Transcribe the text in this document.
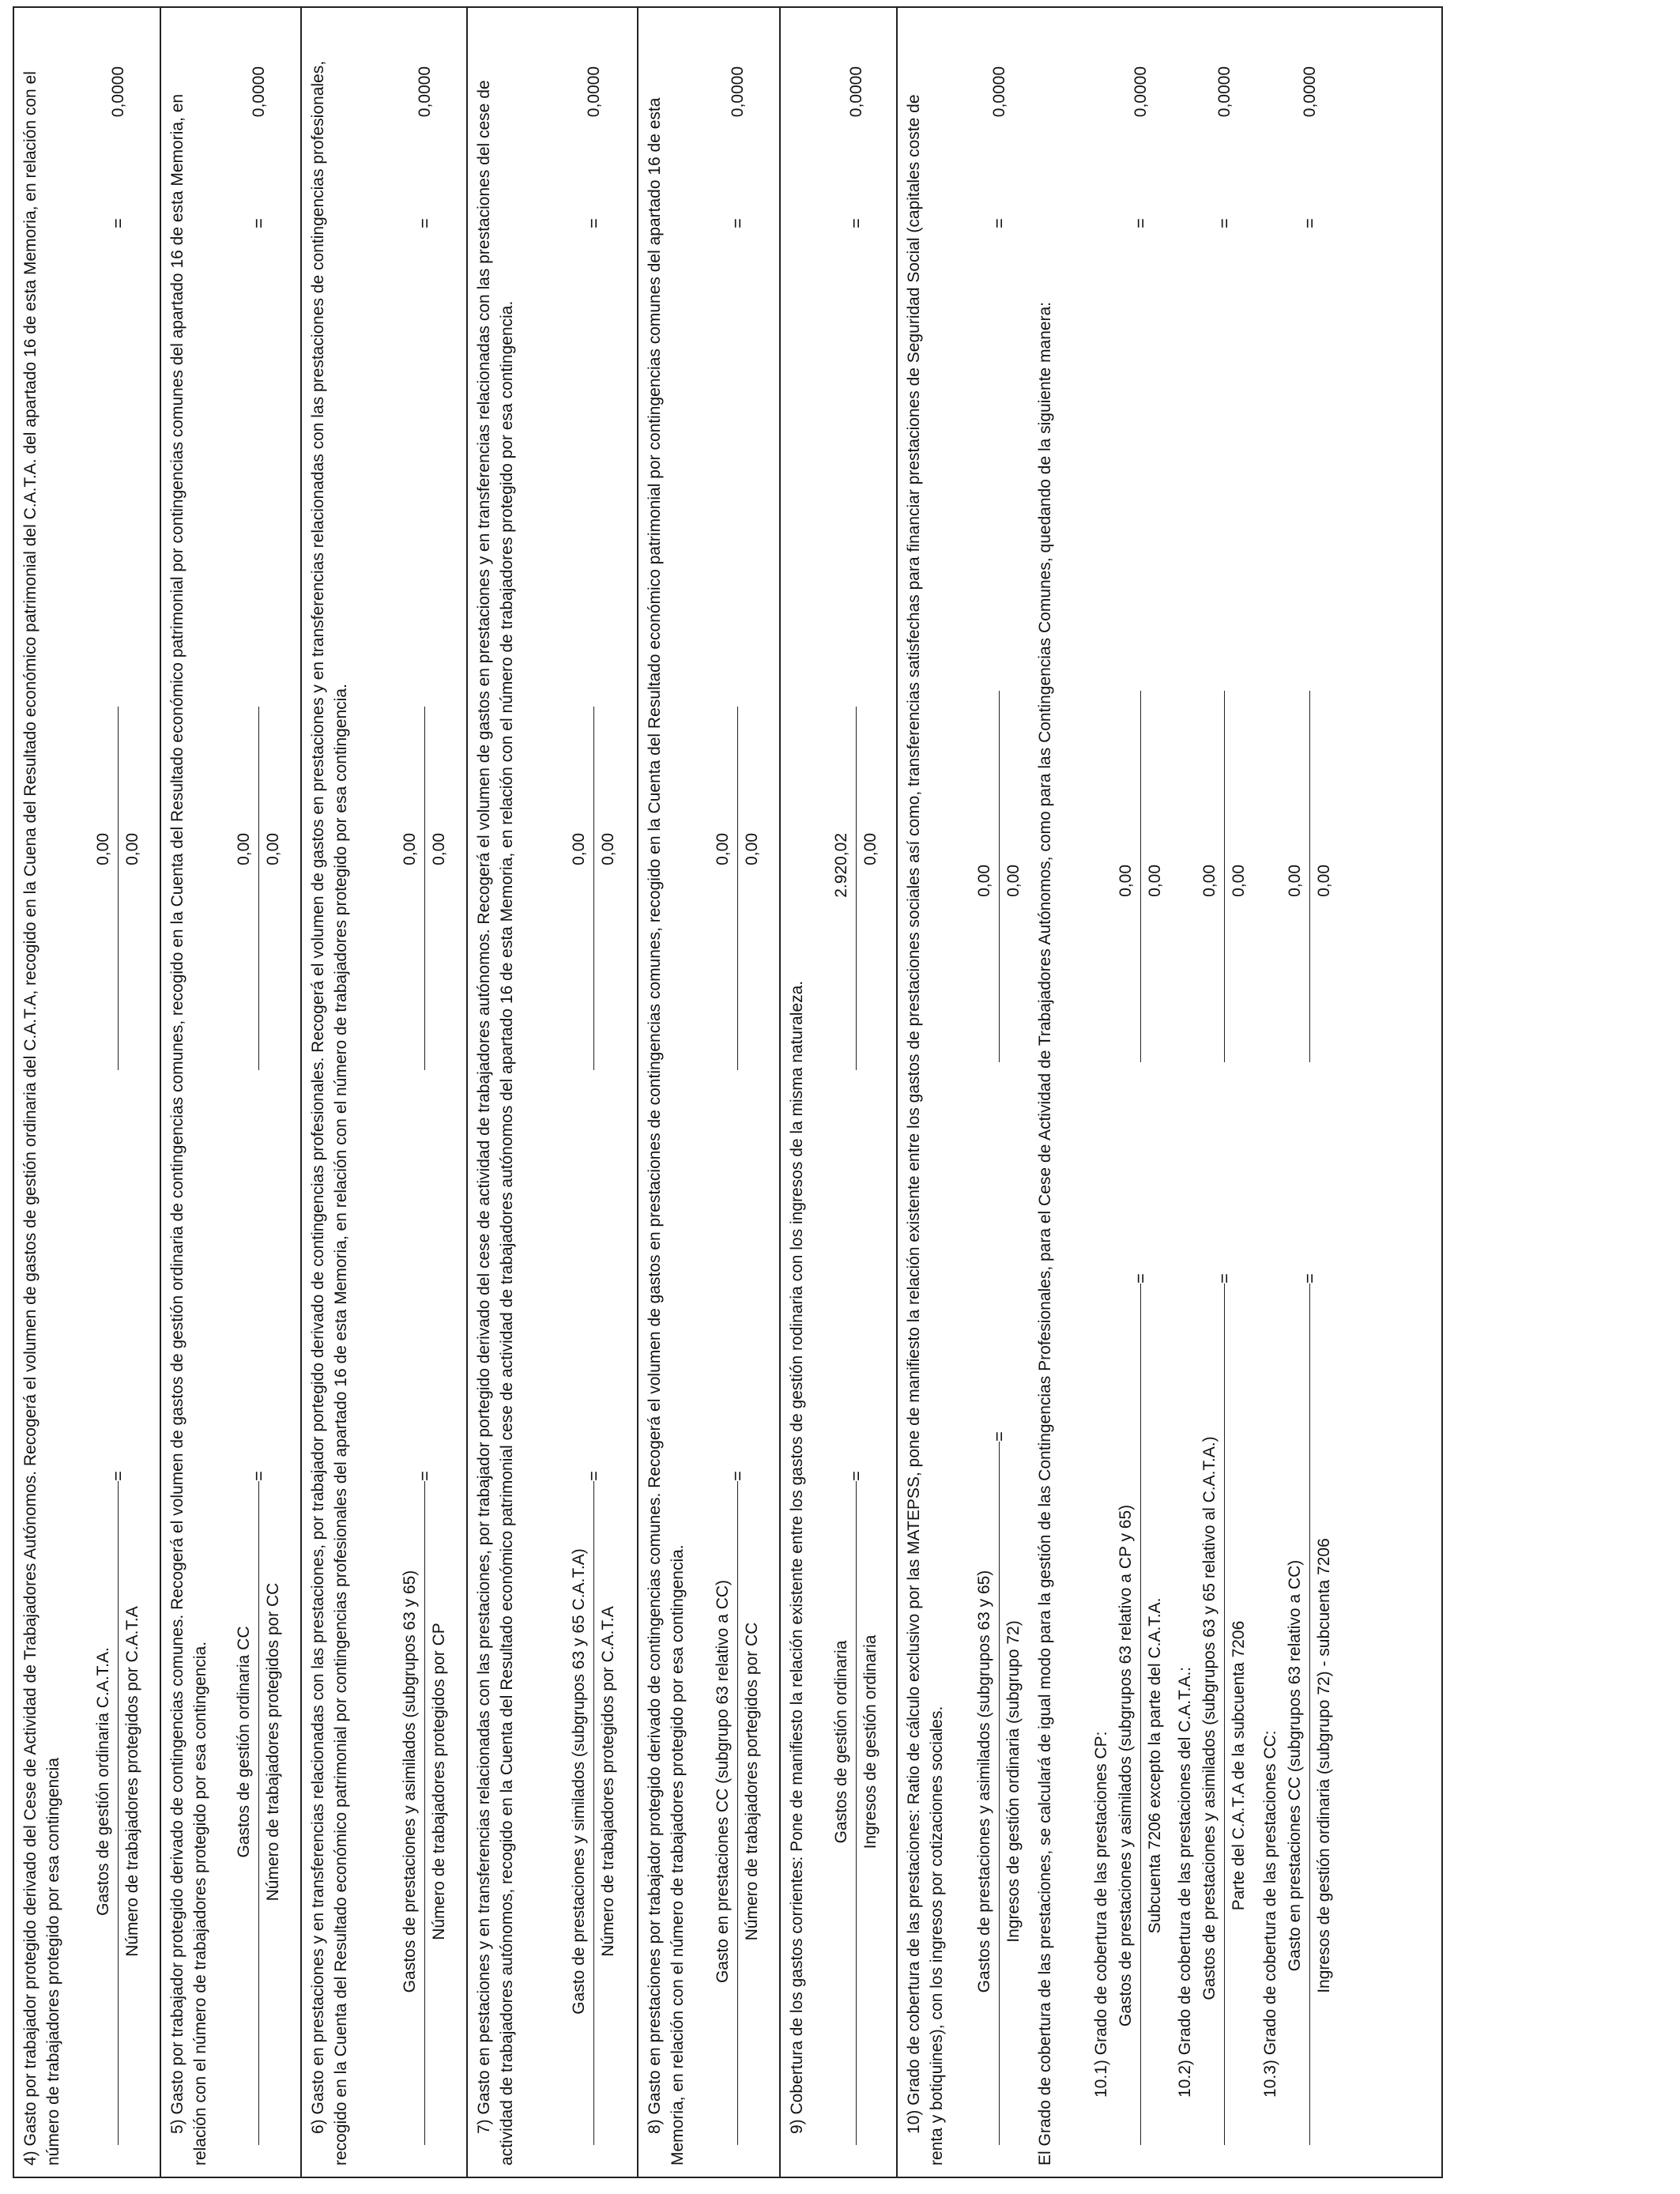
4) Gasto por trabajador protegido derivado del Cese de Actividad de Trabajadores Autónomos. Recogerá el volumen de gastos de gestión ordinaria del C.A.T.A, recogido en la Cuena del Resultado económico patrimonial del C.A.T.A. del apartado 16 de esta Memoria, en relación con el número de trabajadores protegido por esa contingencia Gastos de gestión ordinaria C.A.T.A.
=
Número de trabajadores protegidos por C.A.T.A
0,00 0,00
=
0,0000
5) Gasto por trabajador protegido derivado de contingencias comunes. Recogerá el volumen de gastos de gestión ordinaria de contingencias comunes, recogido en la Cuenta del Resultado económico patrimonial por contingencias comunes del apartado 16 de esta Memoria, en relación con el número de trabajadores protegido por esa contingencia. Gastos de gestión ordinaria CC
=
Número de trabajadores protegidos por CC
0,00 0,00
=
0,0000 6) Gasto en prestaciones y en transferencias relacionadas con las prestaciones, por trabajador portegido derivado de contingencias profesionales. Recogerá el volumen de gastos en prestaciones y en transferencias relacionadas con las prestaciones de contingencias profesionales, recogido en la Cuenta del Resultado económico patrimonial por contingencias profesionales del apartado 16 de esta Memoria, en relación con el número de trabajadores protegido por esa contingencia.	Gastos de prestaciones y asimilados (subgrupos 63 y 65)
=
Número de trabajadores protegidos por CP
0,00 0,00
=
0,0000 7) Gasto en pestaciones y en transferencias relacionadas con las prestaciones, por trabajador portegido derivado del cese de actividad de trabajadores autónomos. Recogerá el volumen de gastos en prestaciones y en transferencias relacionadas con las prestaciones del cese de actividad de trabajadores autónomos, recogido en la Cuenta del Resultado económico patrimonial cese de actividad de trabajadores autónomos del apartado 16 de esta Memoria, en relación con el número de trabajadores protegido por esa contingencia.	Gasto de prestaciones y similados (subgrupos 63 y 65 C.A.T.A)
=
Número de trabajadores protegidos por C.A.T.A
0,00 0,00
=
0,0000
8) Gasto en prestaciones por trabajador protegido derivado de contingencias comunes. Recogerá el volumen de gastos en prestaciones de contingencias comunes, recogido en la Cuenta del Resultado económico patrimonial por contingencias comunes del apartado 16 de esta Memoria, en relación con el número de trabajadores protegido por esa contingencia. Gasto en prestaciones CC (subgrupo 63 relativo a CC)
=
Número de trabajadores portegidos por CC
0,00 0,00
=
0,0000
9) Cobertura de los gastos corrientes: Pone de manifiesto la relación existente entre los gastos de gestión rodinaria con los ingresos de la misma naturaleza. Gastos de gestión ordinaria
=
Ingresos de gestión ordinaria
2.920,02 0,00
=
0,0000
10) Grado de cobertura de las prestaciones: Ratio de cálculo exclusivo por las MATEPSS, pone de manifiesto la relación existente entre los gastos de prestaciones sociales así como, transferencias satisfechas para financiar prestaciones de Seguridad Social (capitales coste de renta y botiquines), con los ingresos por cotizaciones sociales. Gastos de prestaciones y asimilados (subgrupos 63 y 65)
=
Ingresos de gestión ordinaria (subgrupo 72)
0,00 0,00
=
0,0000
El Grado de cobertura de las prestaciones, se calculará de igual modo para la gestión de las Contingencias Profesionales, para el Cese de Actividad de Trabajadores Autónomos, como para las Contingencias Comunes, quedando de la siguiente manera: 10.1) Grado de cobertura de las prestaciones CP: Gastos de prestaciones y asimilados (subgrupos 63 relativo a CP y 65)
=
Subcuenta 7206 excepto la parte del C.A.T.A.
0,00 0,00
=
0,0000
10.2) Grado de cobertura de las prestaciones del C.A.T.A.: Gastos de prestaciones y asimilados (subgrupos 63 y 65 relativo al C.A.T.A.)
=
Parte del C.A.T.A de la subcuenta 7206
0,00 0,00
=
0,0000
10.3) Grado de cobertura de las prestaciones CC: Gasto en prestaciones CC (subgrupos 63 relativo a CC)
=
Ingresos de gestión ordinaria (subgrupo 72) - subcuenta 7206
0,00 0,00
=
0,0000
